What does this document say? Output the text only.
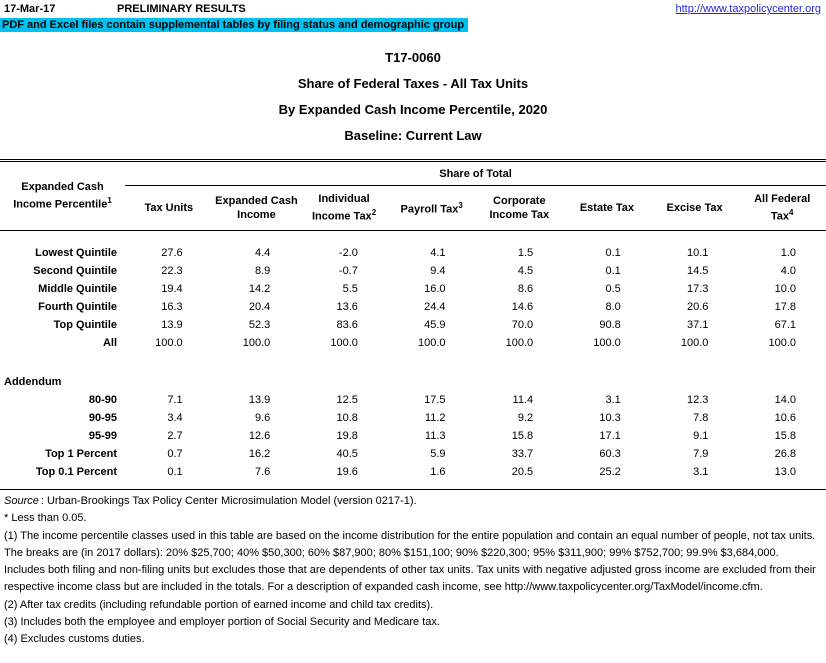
17-Mar-17	PRELIMINARY RESULTS	http://www.taxpolicycenter.org
PDF and Excel files contain supplemental tables by filing status and demographic group
T17-0060
Share of Federal Taxes - All Tax Units
By Expanded Cash Income Percentile, 2020
Baseline: Current Law
Expanded Cash
Income Percentile$^1$	Share of Total							
	Tax Units	Expanded Cash
Income	Individual
Income Tax$^2$	Payroll Tax$^3$	Corporate
Income Tax	Estate Tax	Excise Tax	All Federal
Tax$^4$

Lowest Quintile	27.6	4.4	-2.0	4.1	1.5	0.1	10.1	1.0
Second Quintile	22.3	8.9	-0.7	9.4	4.5	0.1	14.5	4.0
Middle Quintile	19.4	14.2	5.5	16.0	8.6	0.5	17.3	10.0
Fourth Quintile	16.3	20.4	13.6	24.4	14.6	8.0	20.6	17.8
Top Quintile	13.9	52.3	83.6	45.9	70.0	90.8	37.1	67.1
All	100.0	100.0	100.0	100.0	100.0	100.0	100.0	100.0

Addendum								
80-90	7.1	13.9	12.5	17.5	11.4	3.1	12.3	14.0
90-95	3.4	9.6	10.8	11.2	9.2	10.3	7.8	10.6
95-99	2.7	12.6	19.8	11.3	15.8	17.1	9.1	15.8
Top 1 Percent	0.7	16.2	40.5	5.9	33.7	60.3	7.9	26.8
Top 0.1 Percent	0.1	7.6	19.6	1.6	20.5	25.2	3.1	13.0

Source : Urban-Brookings Tax Policy Center Microsimulation Model (version 0217-1).
* Less than 0.05.
(1) The income percentile classes used in this table are based on the income distribution for the entire population and contain an equal number of people, not tax units. The breaks are (in 2017 dollars): 20% $25,700; 40% $50,300; 60% $87,900; 80% $151,100; 90% $220,300; 95% $311,900; 99% $752,700; 99.9% $3,684,000. Includes both filing and non-filing units but excludes those that are dependents of other tax units. Tax units with negative adjusted gross income are excluded from their respective income class but are included in the totals. For a description of expanded cash income, see http://www.taxpolicycenter.org/TaxModel/income.cfm.
(2) After tax credits (including refundable portion of earned income and child tax credits).
(3) Includes both the employee and employer portion of Social Security and Medicare tax.
(4) Excludes customs duties.
